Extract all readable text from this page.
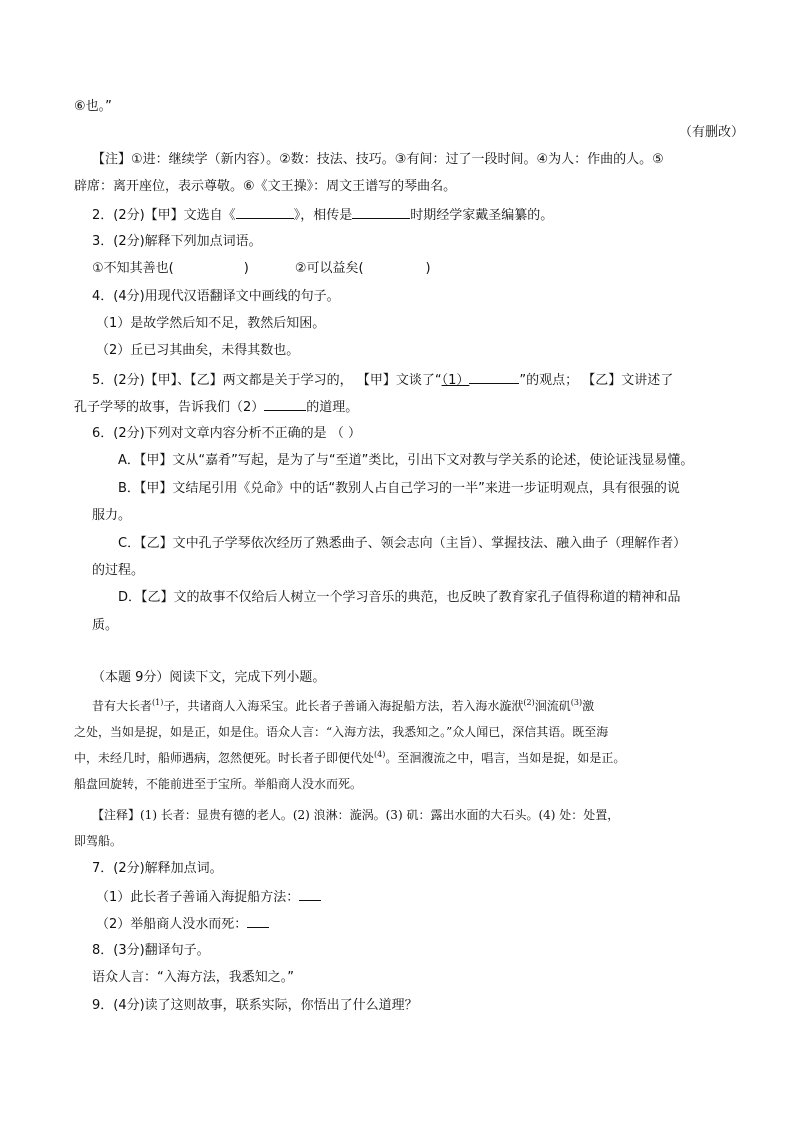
⑥也。”
（有删改）
【注】①进：继续学（新内容）。②数：技法、技巧。③有间：过了一段时间。④为人：作曲的人。⑤
辟席：离开座位，表示尊敬。⑥《文王操》：周文王谱写的琴曲名。
2．(2分)【甲】文选自《	》，相传是	时期经学家戴圣编纂的。
3．(2分)解释下列加点词语。
①不知其善也(	)	②可以益矣(	)
4．(4分)用现代汉语翻译文中画线的句子。
（1）是故学然后知不足，教然后知困。
（2）丘已习其曲矣，未得其数也。
5．(2分)【甲】、【乙】两文都是关于学习的， 【甲】文谈了“（1）	”的观点； 【乙】文讲述了
孔子学琴的故事，告诉我们（2）	的道理。
6．(2分)下列对文章内容分析不正确的是 （ ）
A．【甲】文从“嘉肴”写起，是为了与“至道”类比，引出下文对教与学关系的论述，使论证浅显易懂。
B．【甲】文结尾引用《兑命》中的话“教别人占自己学习的一半”来进一步证明观点，具有很强的说
服力。
C．【乙】文中孔子学琴依次经历了熟悉曲子、领会志向（主旨）、掌握技法、融入曲子（理解作者）
的过程。
D．【乙】文的故事不仅给后人树立一个学习音乐的典范，也反映了教育家孔子值得称道的精神和品
质。
（本题 9分）阅读下文，完成下列小题。
昔有大长者$^{(1)}$子，共诸商人入海采宝。此长者子善诵入海捉船方法，若入海水漩洑$^{(2)}$洄流矶$^{(3)}$激
之处，当如是捉，如是正，如是住。语众人言：“入海方法，我悉知之。”众人闻已，深信其语。既至海
中，未经几时，船师遇病，忽然便死。时长者子即便代处$^{(4)}$。至洄澓流之中，唱言，当如是捉，如是正。
船盘回旋转，不能前进至于宝所。举船商人没水而死。
【注释】(1) 长者：显贵有德的老人。(2) 浪淋：漩涡。(3) 矶：露出水面的大石头。(4) 处：处置，
即驾船。
7．(2分)解释加点词。
（1）此长者子善诵入海捉船方法：
（2）举船商人没水而死：
8．(3分)翻译句子。
语众人言：“入海方法，我悉知之。”
9．(4分)读了这则故事，联系实际，你悟出了什么道理？
